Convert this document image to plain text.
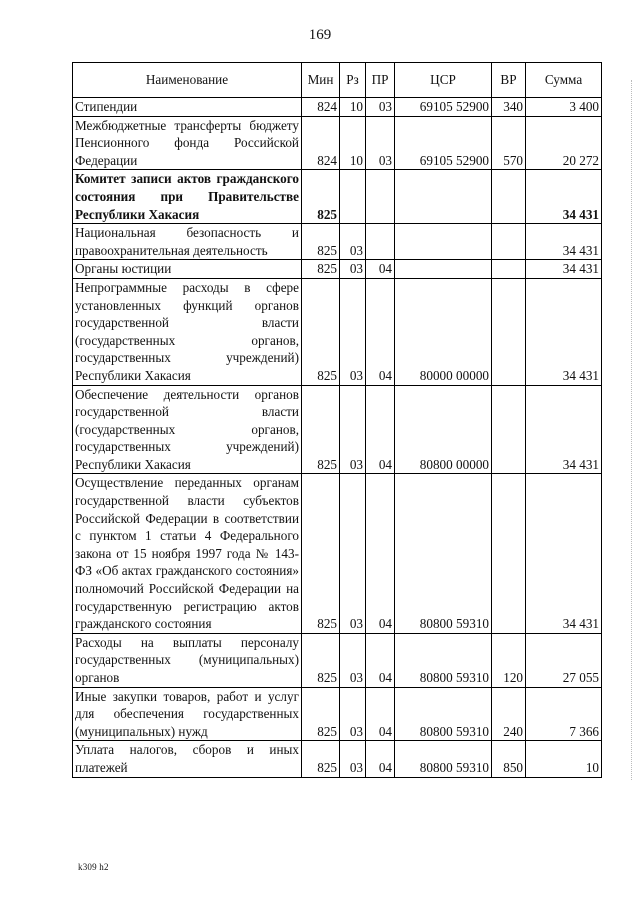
169
Наименование	Мин	Рз	ПР	ЦСР	ВР	Сумма
Стипендии	824	10	03	69105 52900	340	3 400
Межбюджетные трансферты бюджету Пенсионного фонда Российской Федерации	824	10	03	69105 52900	570	20 272
Комитет записи актов гражданского состояния при Правительстве Республики Хакасия	825					34 431
Национальная безопасность и правоохранительная деятельность	825	03				34 431
Органы юстиции	825	03	04			34 431
Непрограммные расходы в сфере установленных функций органов государственной власти (государственных органов, государственных учреждений) Республики Хакасия	825	03	04	80000 00000		34 431
Обеспечение деятельности органов государственной власти (государственных органов, государственных учреждений) Республики Хакасия	825	03	04	80800 00000		34 431
Осуществление переданных органам государственной власти субъектов Российской Федерации в соответствии с пунктом 1 статьи 4 Федерального закона от 15 ноября 1997 года № 143-ФЗ «Об актах гражданского состояния» полномочий Российской Федерации на государственную регистрацию актов гражданского состояния	825	03	04	80800 59310		34 431
Расходы на выплаты персоналу государственных (муниципальных) органов	825	03	04	80800 59310	120	27 055
Иные закупки товаров, работ и услуг для обеспечения государственных (муниципальных) нужд	825	03	04	80800 59310	240	7 366
Уплата налогов, сборов и иных платежей	825	03	04	80800 59310	850	10
k309 h2
